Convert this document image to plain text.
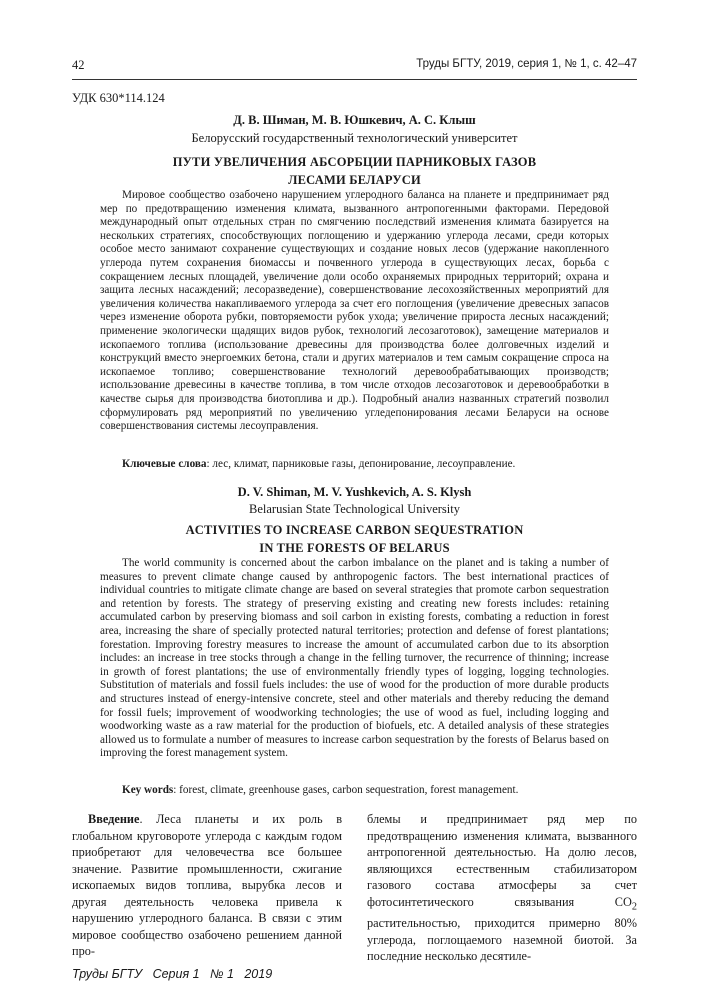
42	Труды БГТУ, 2019, серия 1, № 1, с. 42–47
УДК 630*114.124
Д. В. Шиман, М. В. Юшкевич, А. С. Клыш
Белорусский государственный технологический университет
ПУТИ УВЕЛИЧЕНИЯ АБСОРБЦИИ ПАРНИКОВЫХ ГАЗОВ
ЛЕСАМИ БЕЛАРУСИ
Мировое сообщество озабочено нарушением углеродного баланса на планете и предпринимает ряд мер по предотвращению изменения климата, вызванного антропогенными факторами. Передовой международный опыт отдельных стран по смягчению последствий изменения климата базируется на нескольких стратегиях, способствующих поглощению и удержанию углерода лесами, среди которых особое место занимают сохранение существующих и создание новых лесов (удержание накопленного углерода путем сохранения биомассы и почвенного углерода в существующих лесах, борьба с сокращением лесных площадей, увеличение доли особо охраняемых природных территорий; охрана и защита лесных насаждений; лесоразведение), совершенствование лесохозяйственных мероприятий для увеличения количества накапливаемого углерода за счет его поглощения (увеличение древесных запасов через изменение оборота рубки, повторяемости рубок ухода; увеличение прироста лесных насаждений; применение экологически щадящих видов рубок, технологий лесозаготовок), замещение материалов и ископаемого топлива (использование древесины для производства более долговечных изделий и конструкций вместо энергоемких бетона, стали и других материалов и тем самым сокращение спроса на ископаемое топливо; совершенствование технологий деревообрабатывающих производств; использование древесины в качестве топлива, в том числе отходов лесозаготовок и деревообработки в качестве сырья для производства биотоплива и др.). Подробный анализ названных стратегий позволил сформулировать ряд мероприятий по увеличению угледепонирования лесами Беларуси на основе совершенствования системы лесоуправления.
Ключевые слова: лес, климат, парниковые газы, депонирование, лесоуправление.
D. V. Shiman, M. V. Yushkevich, A. S. Klysh
Belarusian State Technological University
ACTIVITIES TO INCREASE CARBON SEQUESTRATION
IN THE FORESTS OF BELARUS
The world community is concerned about the carbon imbalance on the planet and is taking a number of measures to prevent climate change caused by anthropogenic factors. The best international practices of individual countries to mitigate climate change are based on several strategies that promote carbon sequestration and retention by forests. The strategy of preserving existing and creating new forests includes: retaining accumulated carbon by preserving biomass and soil carbon in existing forests, combating a reduction in forest area, increasing the share of specially protected natural territories; protection and defense of forest plantations; forestation. Improving forestry measures to increase the amount of accumulated carbon due to its absorption includes: an increase in tree stocks through a change in the felling turnover, the recurrence of thinning; increase in growth of forest plantations; the use of environmentally friendly types of logging, logging technologies. Substitution of materials and fossil fuels includes: the use of wood for the production of more durable products and structures instead of energy-intensive concrete, steel and other materials and thereby reducing the demand for fossil fuels; improvement of woodworking technologies; the use of wood as fuel, including logging and woodworking waste as a raw material for the production of biofuels, etc. A detailed analysis of these strategies allowed us to formulate a number of measures to increase carbon sequestration by the forests of Belarus based on improving the forest management system.
Key words: forest, climate, greenhouse gases, carbon sequestration, forest management.
Введение. Леса планеты и их роль в глобальном круговороте углерода с каждым годом приобретают для человечества все большее значение. Развитие промышленности, сжигание ископаемых видов топлива, вырубка лесов и другая деятельность человека привела к нарушению углеродного баланса. В связи с этим мировое сообщество озабочено решением данной про-
блемы и предпринимает ряд мер по предотвращению изменения климата, вызванного антропогенной деятельностью. На долю лесов, являющихся естественным стабилизатором газового состава атмосферы за счет фотосинтетического связывания $CO_2$ растительностью, приходится примерно 80% углерода, поглощаемого наземной биотой. За последние несколько десятиле-
Труды БГТУ   Серия 1   № 1   2019
